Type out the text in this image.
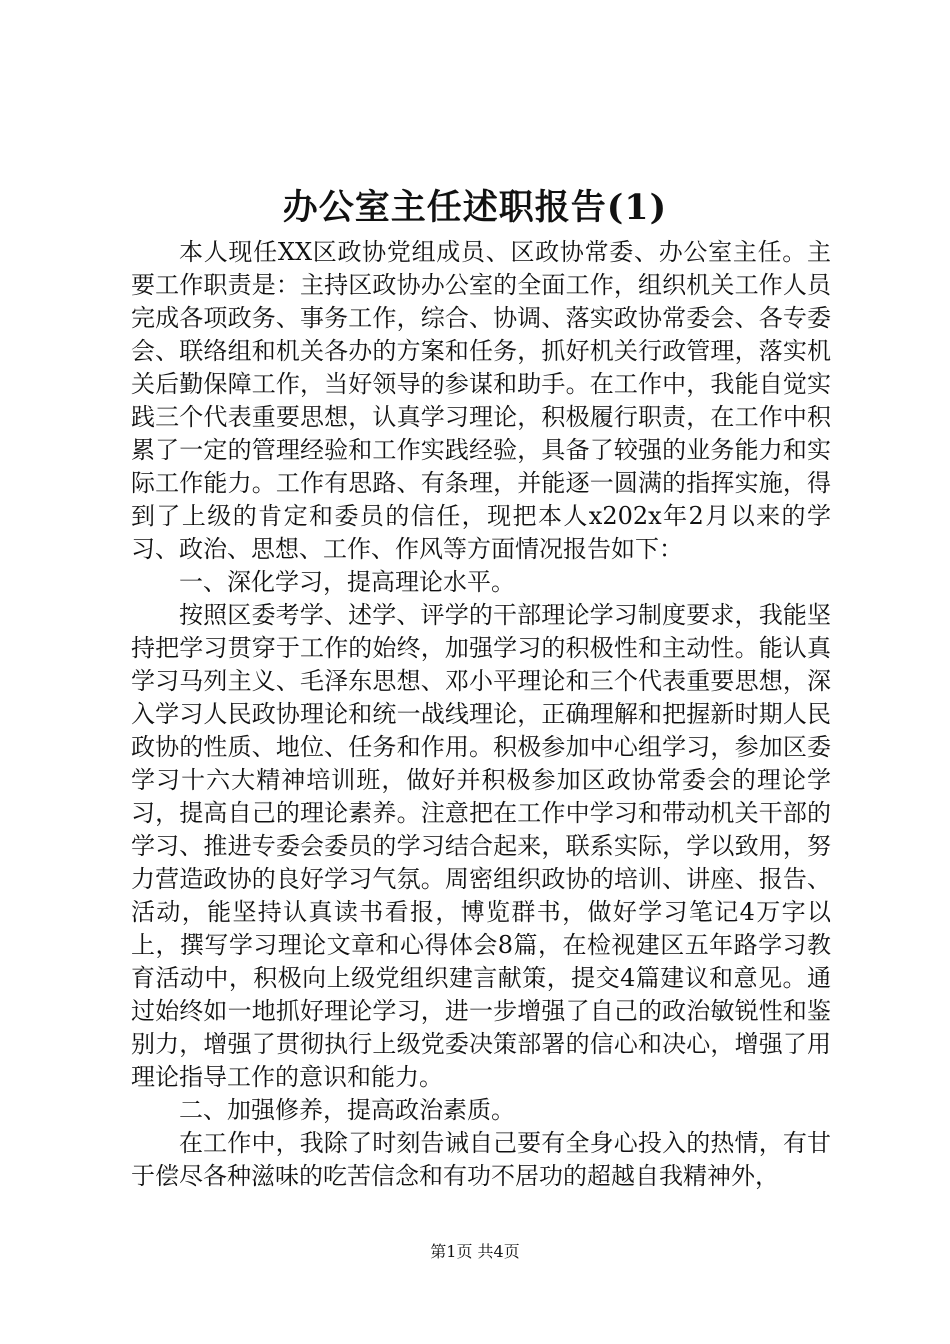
办公室主任述职报告(1)

本人现任XX区政协党组成员、区政协常委、办公室主任。主要工作职责是：主持区政协办公室的全面工作，组织机关工作人员完成各项政务、事务工作，综合、协调、落实政协常委会、各专委会、联络组和机关各办的方案和任务，抓好机关行政管理，落实机关后勤保障工作，当好领导的参谋和助手。在工作中，我能自觉实践三个代表重要思想，认真学习理论，积极履行职责，在工作中积累了一定的管理经验和工作实践经验，具备了较强的业务能力和实际工作能力。工作有思路、有条理，并能逐一圆满的指挥实施，得到了上级的肯定和委员的信任，现把本人x202x年2月以来的学习、政治、思想、工作、作风等方面情况报告如下：

一、深化学习，提高理论水平。

按照区委考学、述学、评学的干部理论学习制度要求，我能坚持把学习贯穿于工作的始终，加强学习的积极性和主动性。能认真学习马列主义、毛泽东思想、邓小平理论和三个代表重要思想，深入学习人民政协理论和统一战线理论，正确理解和把握新时期人民政协的性质、地位、任务和作用。积极参加中心组学习，参加区委学习十六大精神培训班，做好并积极参加区政协常委会的理论学习，提高自己的理论素养。注意把在工作中学习和带动机关干部的学习、推进专委会委员的学习结合起来，联系实际，学以致用，努力营造政协的良好学习气氛。周密组织政协的培训、讲座、报告、活动，能坚持认真读书看报，博览群书，做好学习笔记4万字以上，撰写学习理论文章和心得体会8篇，在检视建区五年路学习教育活动中，积极向上级党组织建言献策，提交4篇建议和意见。通过始终如一地抓好理论学习，进一步增强了自己的政治敏锐性和鉴别力，增强了贯彻执行上级党委决策部署的信心和决心，增强了用理论指导工作的意识和能力。

二、加强修养，提高政治素质。

在工作中，我除了时刻告诫自己要有全身心投入的热情，有甘于偿尽各种滋味的吃苦信念和有功不居功的超越自我精神外，

第1页 共4页
